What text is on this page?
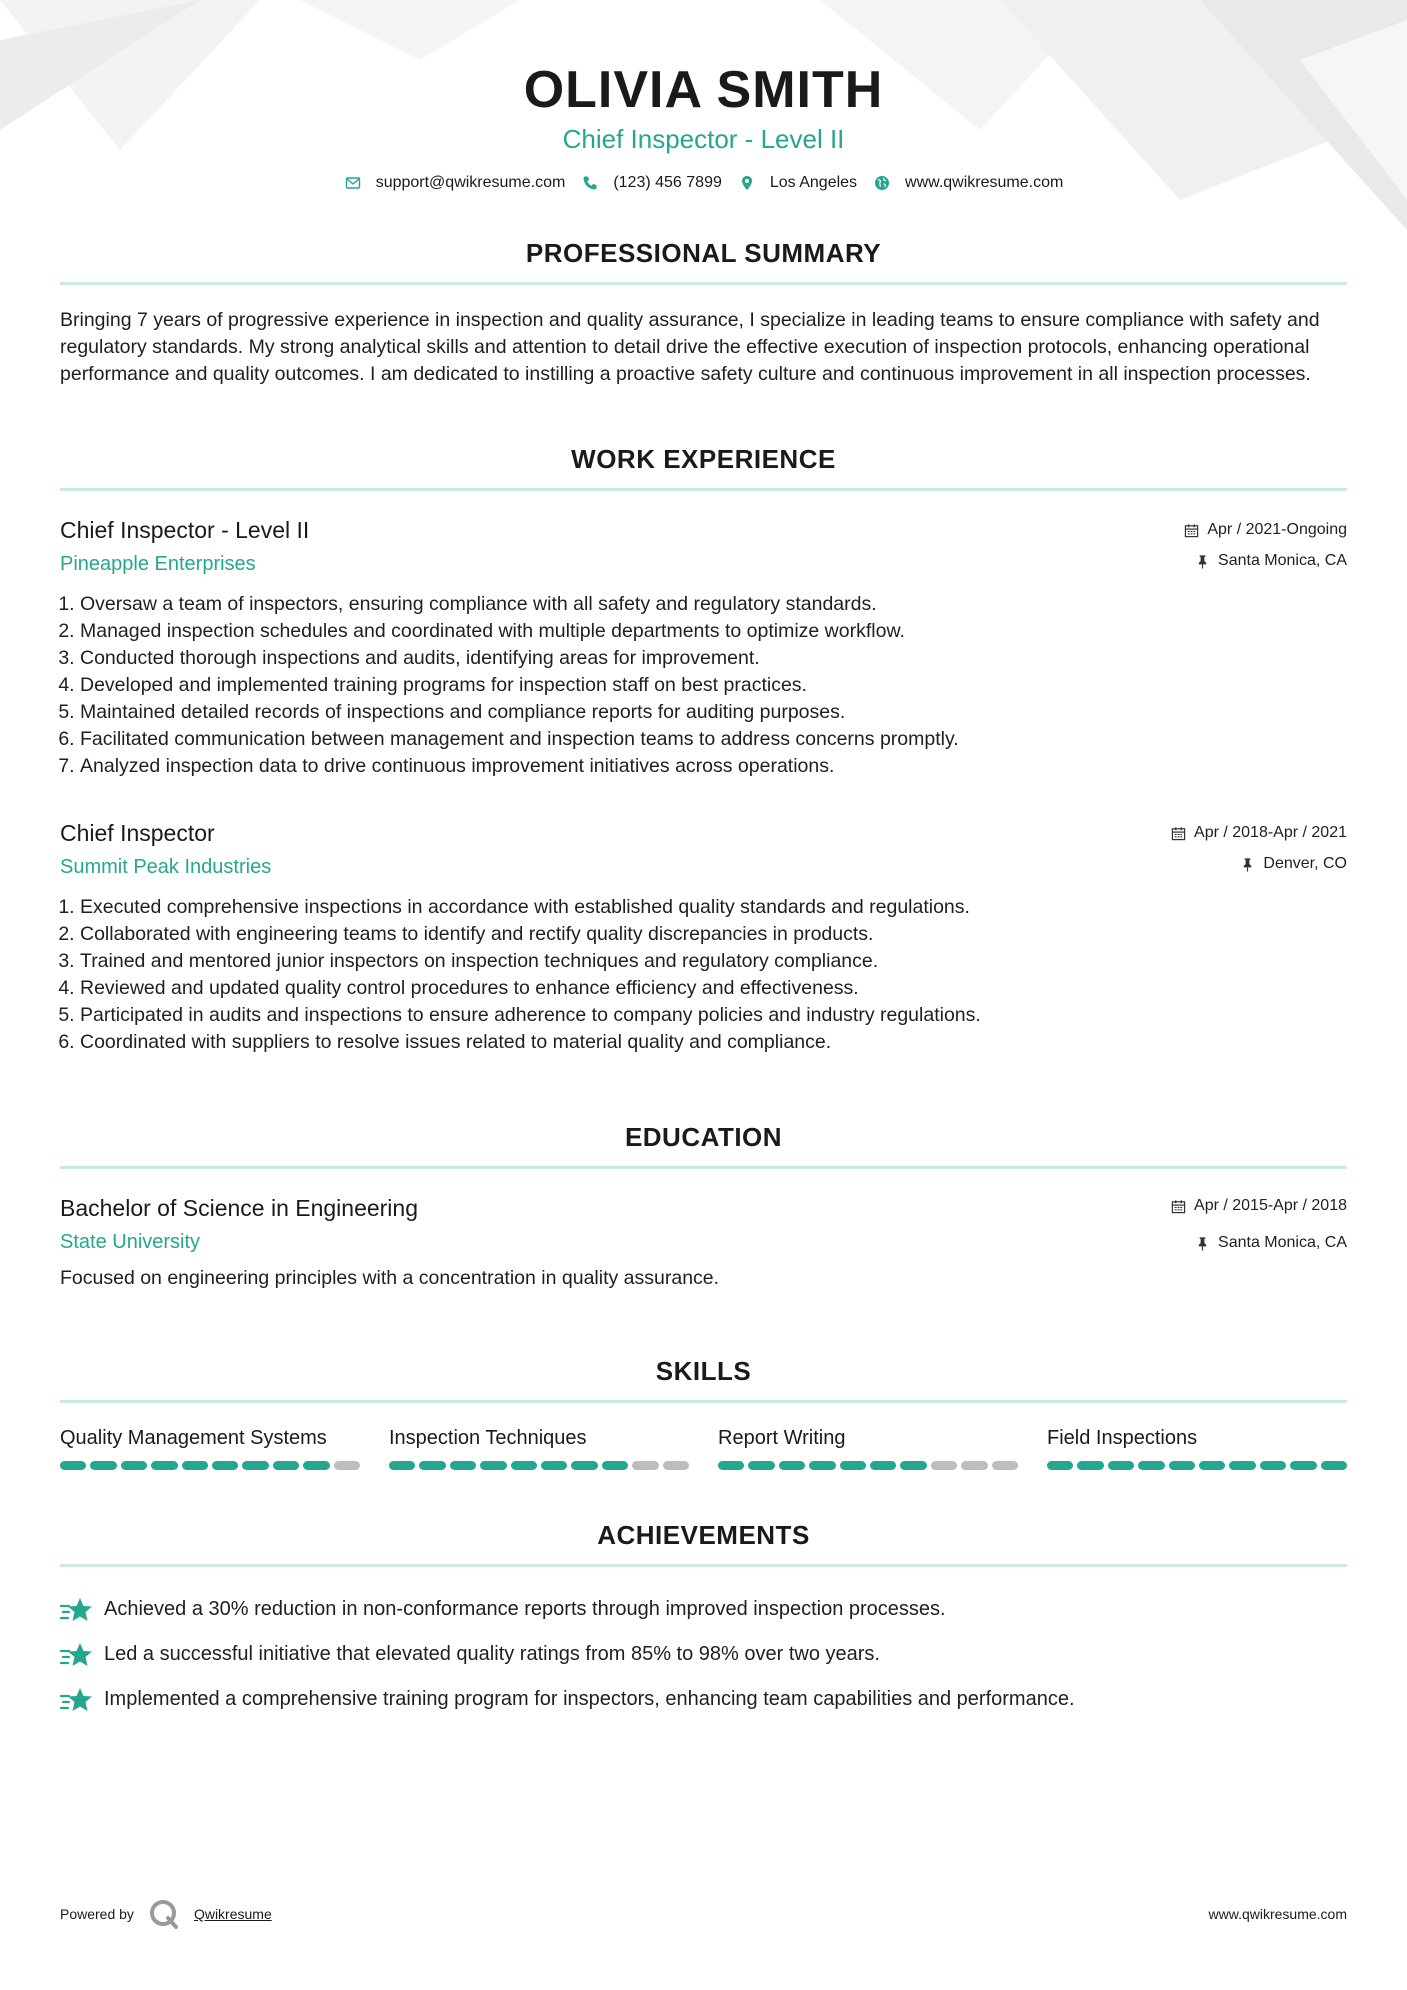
OLIVIA SMITH
Chief Inspector - Level II
support@qwikresume.com	(123) 456 7899	Los Angeles	www.qwikresume.com
PROFESSIONAL SUMMARY

Bringing 7 years of progressive experience in inspection and quality assurance, I specialize in leading teams to ensure compliance with safety and regulatory standards. My strong analytical skills and attention to detail drive the effective execution of inspection protocols, enhancing operational performance and quality outcomes. I am dedicated to instilling a proactive safety culture and continuous improvement in all inspection processes.

WORK EXPERIENCE
Chief Inspector - Level II
Pineapple Enterprises
Apr / 2021-Ongoing
Santa Monica, CA
1. Oversaw a team of inspectors, ensuring compliance with all safety and regulatory standards.
2. Managed inspection schedules and coordinated with multiple departments to optimize workflow.
3. Conducted thorough inspections and audits, identifying areas for improvement.
4. Developed and implemented training programs for inspection staff on best practices.
5. Maintained detailed records of inspections and compliance reports for auditing purposes.
6. Facilitated communication between management and inspection teams to address concerns promptly.
7. Analyzed inspection data to drive continuous improvement initiatives across operations.
Chief Inspector
Summit Peak Industries
Apr / 2018-Apr / 2021
Denver, CO
1. Executed comprehensive inspections in accordance with established quality standards and regulations.
2. Collaborated with engineering teams to identify and rectify quality discrepancies in products.
3. Trained and mentored junior inspectors on inspection techniques and regulatory compliance.
4. Reviewed and updated quality control procedures to enhance efficiency and effectiveness.
5. Participated in audits and inspections to ensure adherence to company policies and industry regulations.
6. Coordinated with suppliers to resolve issues related to material quality and compliance.
EDUCATION
Bachelor of Science in Engineering
State University
Apr / 2015-Apr / 2018
Santa Monica, CA

Focused on engineering principles with a concentration in quality assurance.

SKILLS
Quality Management Systems	Inspection Techniques	Report Writing	Field Inspections
ACHIEVEMENTS
Achieved a 30% reduction in non-conformance reports through improved inspection processes.
Led a successful initiative that elevated quality ratings from 85% to 98% over two years.
Implemented a comprehensive training program for inspectors, enhancing team capabilities and performance.
Powered by	Qwikresume	www.qwikresume.com
